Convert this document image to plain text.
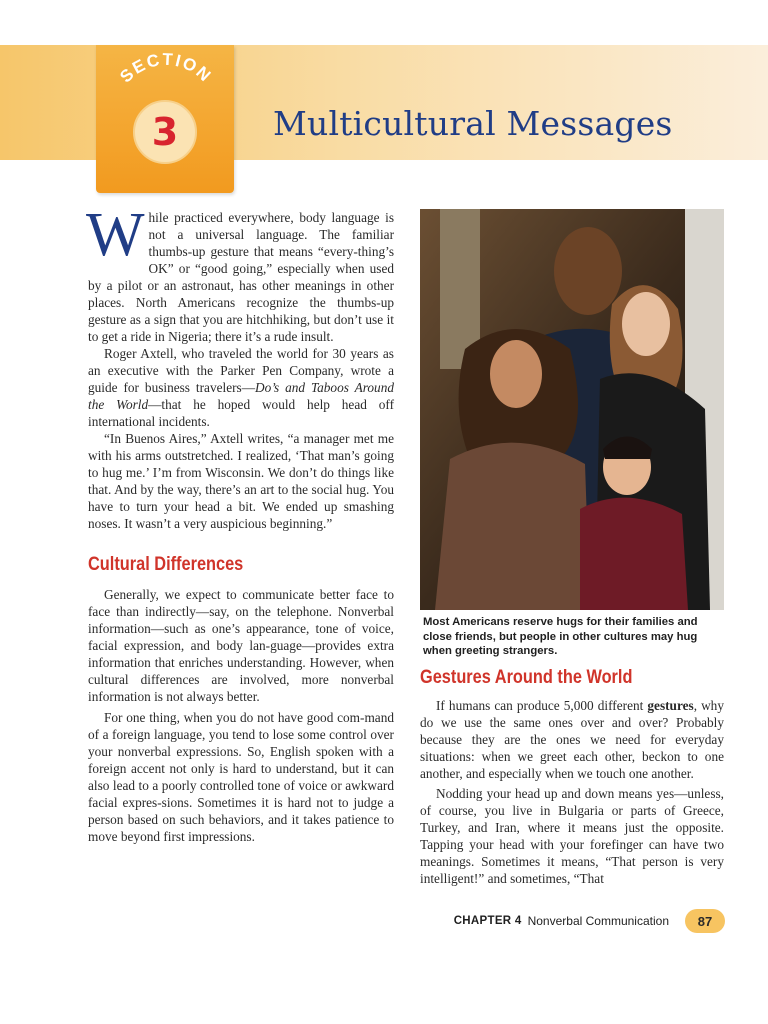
SECTION
3	Multicultural Messages

While practiced everywhere, body language is not a universal language. The familiar thumbs-up gesture that means “every-thing’s OK” or “good going,” especially when used by a pilot or an astronaut, has other meanings in other places. North Americans recognize the thumbs-up gesture as a sign that you are hitchhiking, but don’t use it to get a ride in Nigeria; there it’s a rude insult.

Roger Axtell, who traveled the world for 30 years as an executive with the Parker Pen Company, wrote a guide for business travelers—Do’s and Taboos Around the World—that he hoped would help head off international incidents.

“In Buenos Aires,” Axtell writes, “a manager met me with his arms outstretched. I realized, ‘That man’s going to hug me.’ I’m from Wisconsin. We don’t do things like that. And by the way, there’s an art to the social hug. You have to turn your head a bit. We ended up smashing noses. It wasn’t a very auspicious beginning.”

Cultural Differences

Generally, we expect to communicate better face to face than indirectly—say, on the telephone. Nonverbal information—such as one’s appearance, tone of voice, facial expression, and body lan-guage—provides extra information that enriches understanding. However, when cultural differences are involved, more nonverbal information is not always better.

For one thing, when you do not have good com-mand of a foreign language, you tend to lose some control over your nonverbal expressions. So, English spoken with a foreign accent not only is hard to understand, but it can also lead to a poorly controlled tone of voice or awkward facial expres-sions. Sometimes it is hard not to judge a person based on such behaviors, and it takes patience to move beyond first impressions.

Most Americans reserve hugs for their families and close friends, but people in other cultures may hug when greeting strangers.
Gestures Around the World

If humans can produce 5,000 different gestures, why do we use the same ones over and over? Probably because they are the ones we need for everyday situations: when we greet each other, beckon to one another, and especially when we touch one another.

Nodding your head up and down means yes—unless, of course, you live in Bulgaria or parts of Greece, Turkey, and Iran, where it means just the opposite. Tapping your head with your forefinger can have two meanings. Sometimes it means, “That person is very intelligent!” and sometimes, “That

CHAPTER 4 Nonverbal Communication	87
